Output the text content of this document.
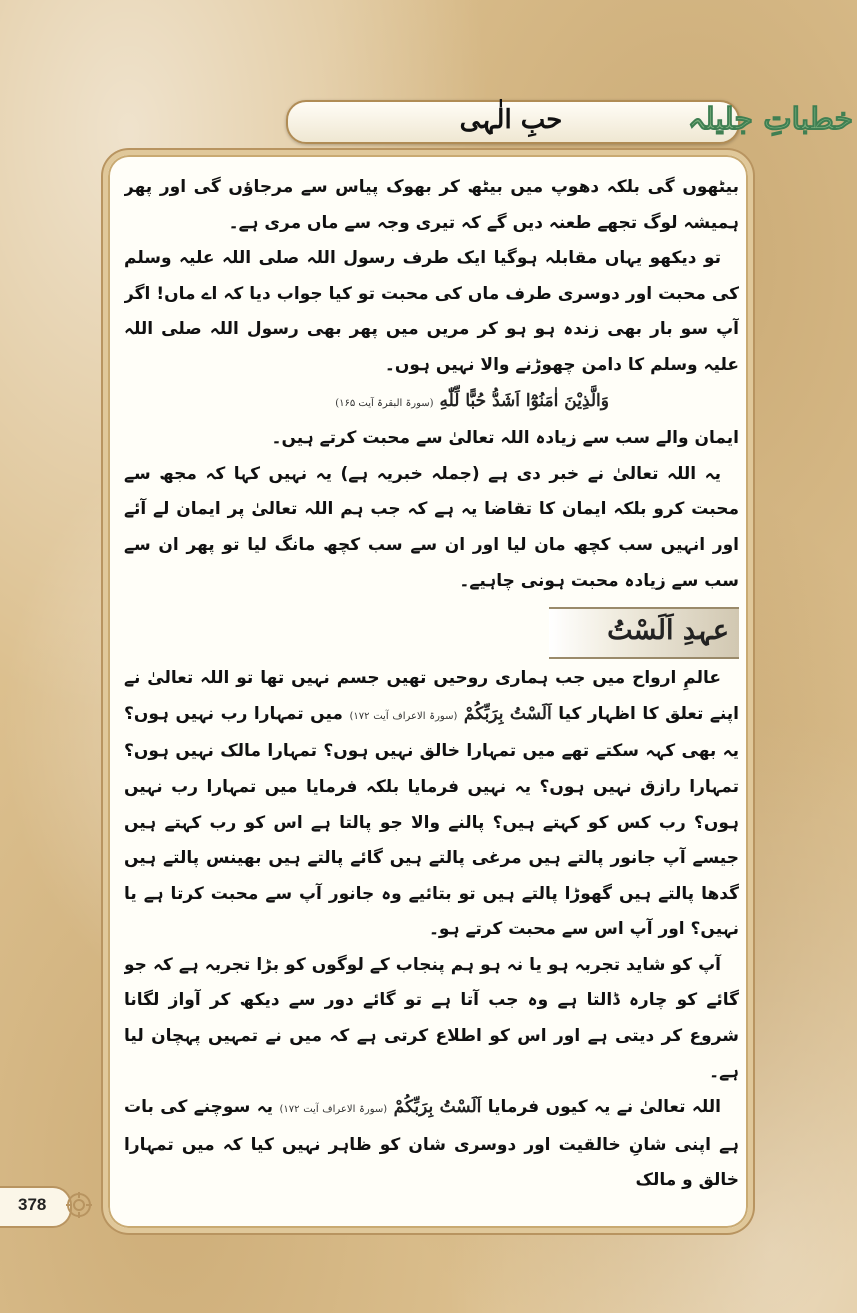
حبِ الٰہی	خطباتِ جلیلہ

بیٹھوں گی بلکہ دھوپ میں بیٹھ کر بھوک پیاس سے مرجاؤں گی اور پھر ہمیشہ لوگ تجھے طعنہ دیں گے کہ تیری وجہ سے ماں مری ہے۔

تو دیکھو یہاں مقابلہ ہوگیا ایک طرف رسول اللہ صلی اللہ علیہ وسلم کی محبت اور دوسری طرف ماں کی محبت تو کیا جواب دیا کہ اے ماں! اگر آپ سو بار بھی زندہ ہو ہو کر مریں میں پھر بھی رسول اللہ صلی اللہ علیہ وسلم کا دامن چھوڑنے والا نہیں ہوں۔

وَالَّذِيْنَ اٰمَنُوْٓا اَشَدُّ حُبًّا لِّلّٰهِ (سورۃ البقرۃ آیت ۱۶۵)

ایمان والے سب سے زیادہ اللہ تعالیٰ سے محبت کرتے ہیں۔

یہ اللہ تعالیٰ نے خبر دی ہے (جملہ خبریہ ہے) یہ نہیں کہا کہ مجھ سے محبت کرو بلکہ ایمان کا تقاضا یہ ہے کہ جب ہم اللہ تعالیٰ پر ایمان لے آئے اور انہیں سب کچھ مان لیا اور ان سے سب کچھ مانگ لیا تو پھر ان سے سب سے زیادہ محبت ہونی چاہیے۔

عہدِ اَلَسْتُ

عالمِ ارواح میں جب ہماری روحیں تھیں جسم نہیں تھا تو اللہ تعالیٰ نے اپنے تعلق کا اظہار کیا اَلَسْتُ بِرَبِّكُمْ (سورۃ الاعراف آیت ۱۷۲) میں تمہارا رب نہیں ہوں؟ یہ بھی کہہ سکتے تھے میں تمہارا خالق نہیں ہوں؟ تمہارا مالک نہیں ہوں؟ تمہارا رازق نہیں ہوں؟ یہ نہیں فرمایا بلکہ فرمایا میں تمہارا رب نہیں ہوں؟ رب کس کو کہتے ہیں؟ پالنے والا جو پالتا ہے اس کو رب کہتے ہیں جیسے آپ جانور پالتے ہیں مرغی پالتے ہیں گائے پالتے ہیں بھینس پالتے ہیں گدھا پالتے ہیں گھوڑا پالتے ہیں تو بتائیے وہ جانور آپ سے محبت کرتا ہے یا نہیں؟ اور آپ اس سے محبت کرتے ہو۔

آپ کو شاید تجربہ ہو یا نہ ہو ہم پنجاب کے لوگوں کو بڑا تجربہ ہے کہ جو گائے کو چارہ ڈالتا ہے وہ جب آتا ہے تو گائے دور سے دیکھ کر آواز لگانا شروع کر دیتی ہے اور اس کو اطلاع کرتی ہے کہ میں نے تمہیں پہچان لیا ہے۔

اللہ تعالیٰ نے یہ کیوں فرمایا اَلَسْتُ بِرَبِّكُمْ (سورۃ الاعراف آیت ۱۷۲) یہ سوچنے کی بات ہے اپنی شانِ خالقیت اور دوسری شان کو ظاہر نہیں کیا کہ میں تمہارا خالق و مالک

378
